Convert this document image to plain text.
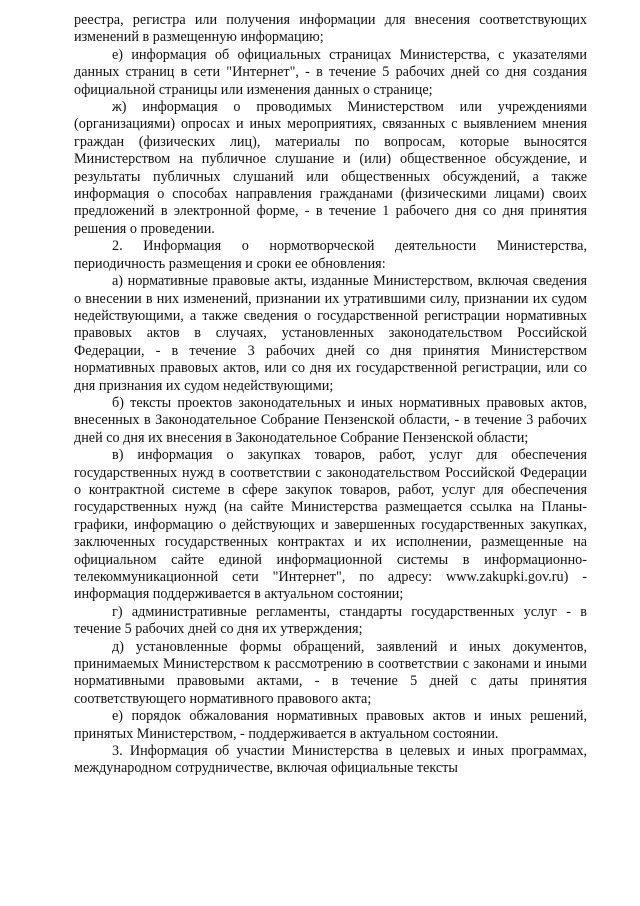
реестра, регистра или получения информации для внесения соответствующих изменений в размещенную информацию;

е) информация об официальных страницах Министерства, с указателями данных страниц в сети "Интернет", - в течение 5 рабочих дней со дня создания официальной страницы или изменения данных о странице;

ж) информация о проводимых Министерством или учреждениями (организациями) опросах и иных мероприятиях, связанных с выявлением мнения граждан (физических лиц), материалы по вопросам, которые выносятся Министерством на публичное слушание и (или) общественное обсуждение, и результаты публичных слушаний или общественных обсуждений, а также информация о способах направления гражданами (физическими лицами) своих предложений в электронной форме, - в течение 1 рабочего дня со дня принятия решения о проведении.

2. Информация о нормотворческой деятельности Министерства, периодичность размещения и сроки ее обновления:

а) нормативные правовые акты, изданные Министерством, включая сведения о внесении в них изменений, признании их утратившими силу, признании их судом недействующими, а также сведения о государственной регистрации нормативных правовых актов в случаях, установленных законодательством Российской Федерации, - в течение 3 рабочих дней со дня принятия Министерством нормативных правовых актов, или со дня их государственной регистрации, или со дня признания их судом недействующими;

б) тексты проектов законодательных и иных нормативных правовых актов, внесенных в Законодательное Собрание Пензенской области, - в течение 3 рабочих дней со дня их внесения в Законодательное Собрание Пензенской области;

в) информация о закупках товаров, работ, услуг для обеспечения государственных нужд в соответствии с законодательством Российской Федерации о контрактной системе в сфере закупок товаров, работ, услуг для обеспечения государственных нужд (на сайте Министерства размещается ссылка на Планы-графики, информацию о действующих и завершенных государственных закупках, заключенных государственных контрактах и их исполнении, размещенные на официальном сайте единой информационной системы в информационно-телекоммуникационной сети "Интернет", по адресу: www.zakupki.gov.ru) - информация поддерживается в актуальном состоянии;

г) административные регламенты, стандарты государственных услуг - в течение 5 рабочих дней со дня их утверждения;

д) установленные формы обращений, заявлений и иных документов, принимаемых Министерством к рассмотрению в соответствии с законами и иными нормативными правовыми актами, - в течение 5 дней с даты принятия соответствующего нормативного правового акта;

е) порядок обжалования нормативных правовых актов и иных решений, принятых Министерством, - поддерживается в актуальном состоянии.

3. Информация об участии Министерства в целевых и иных программах, международном сотрудничестве, включая официальные тексты
